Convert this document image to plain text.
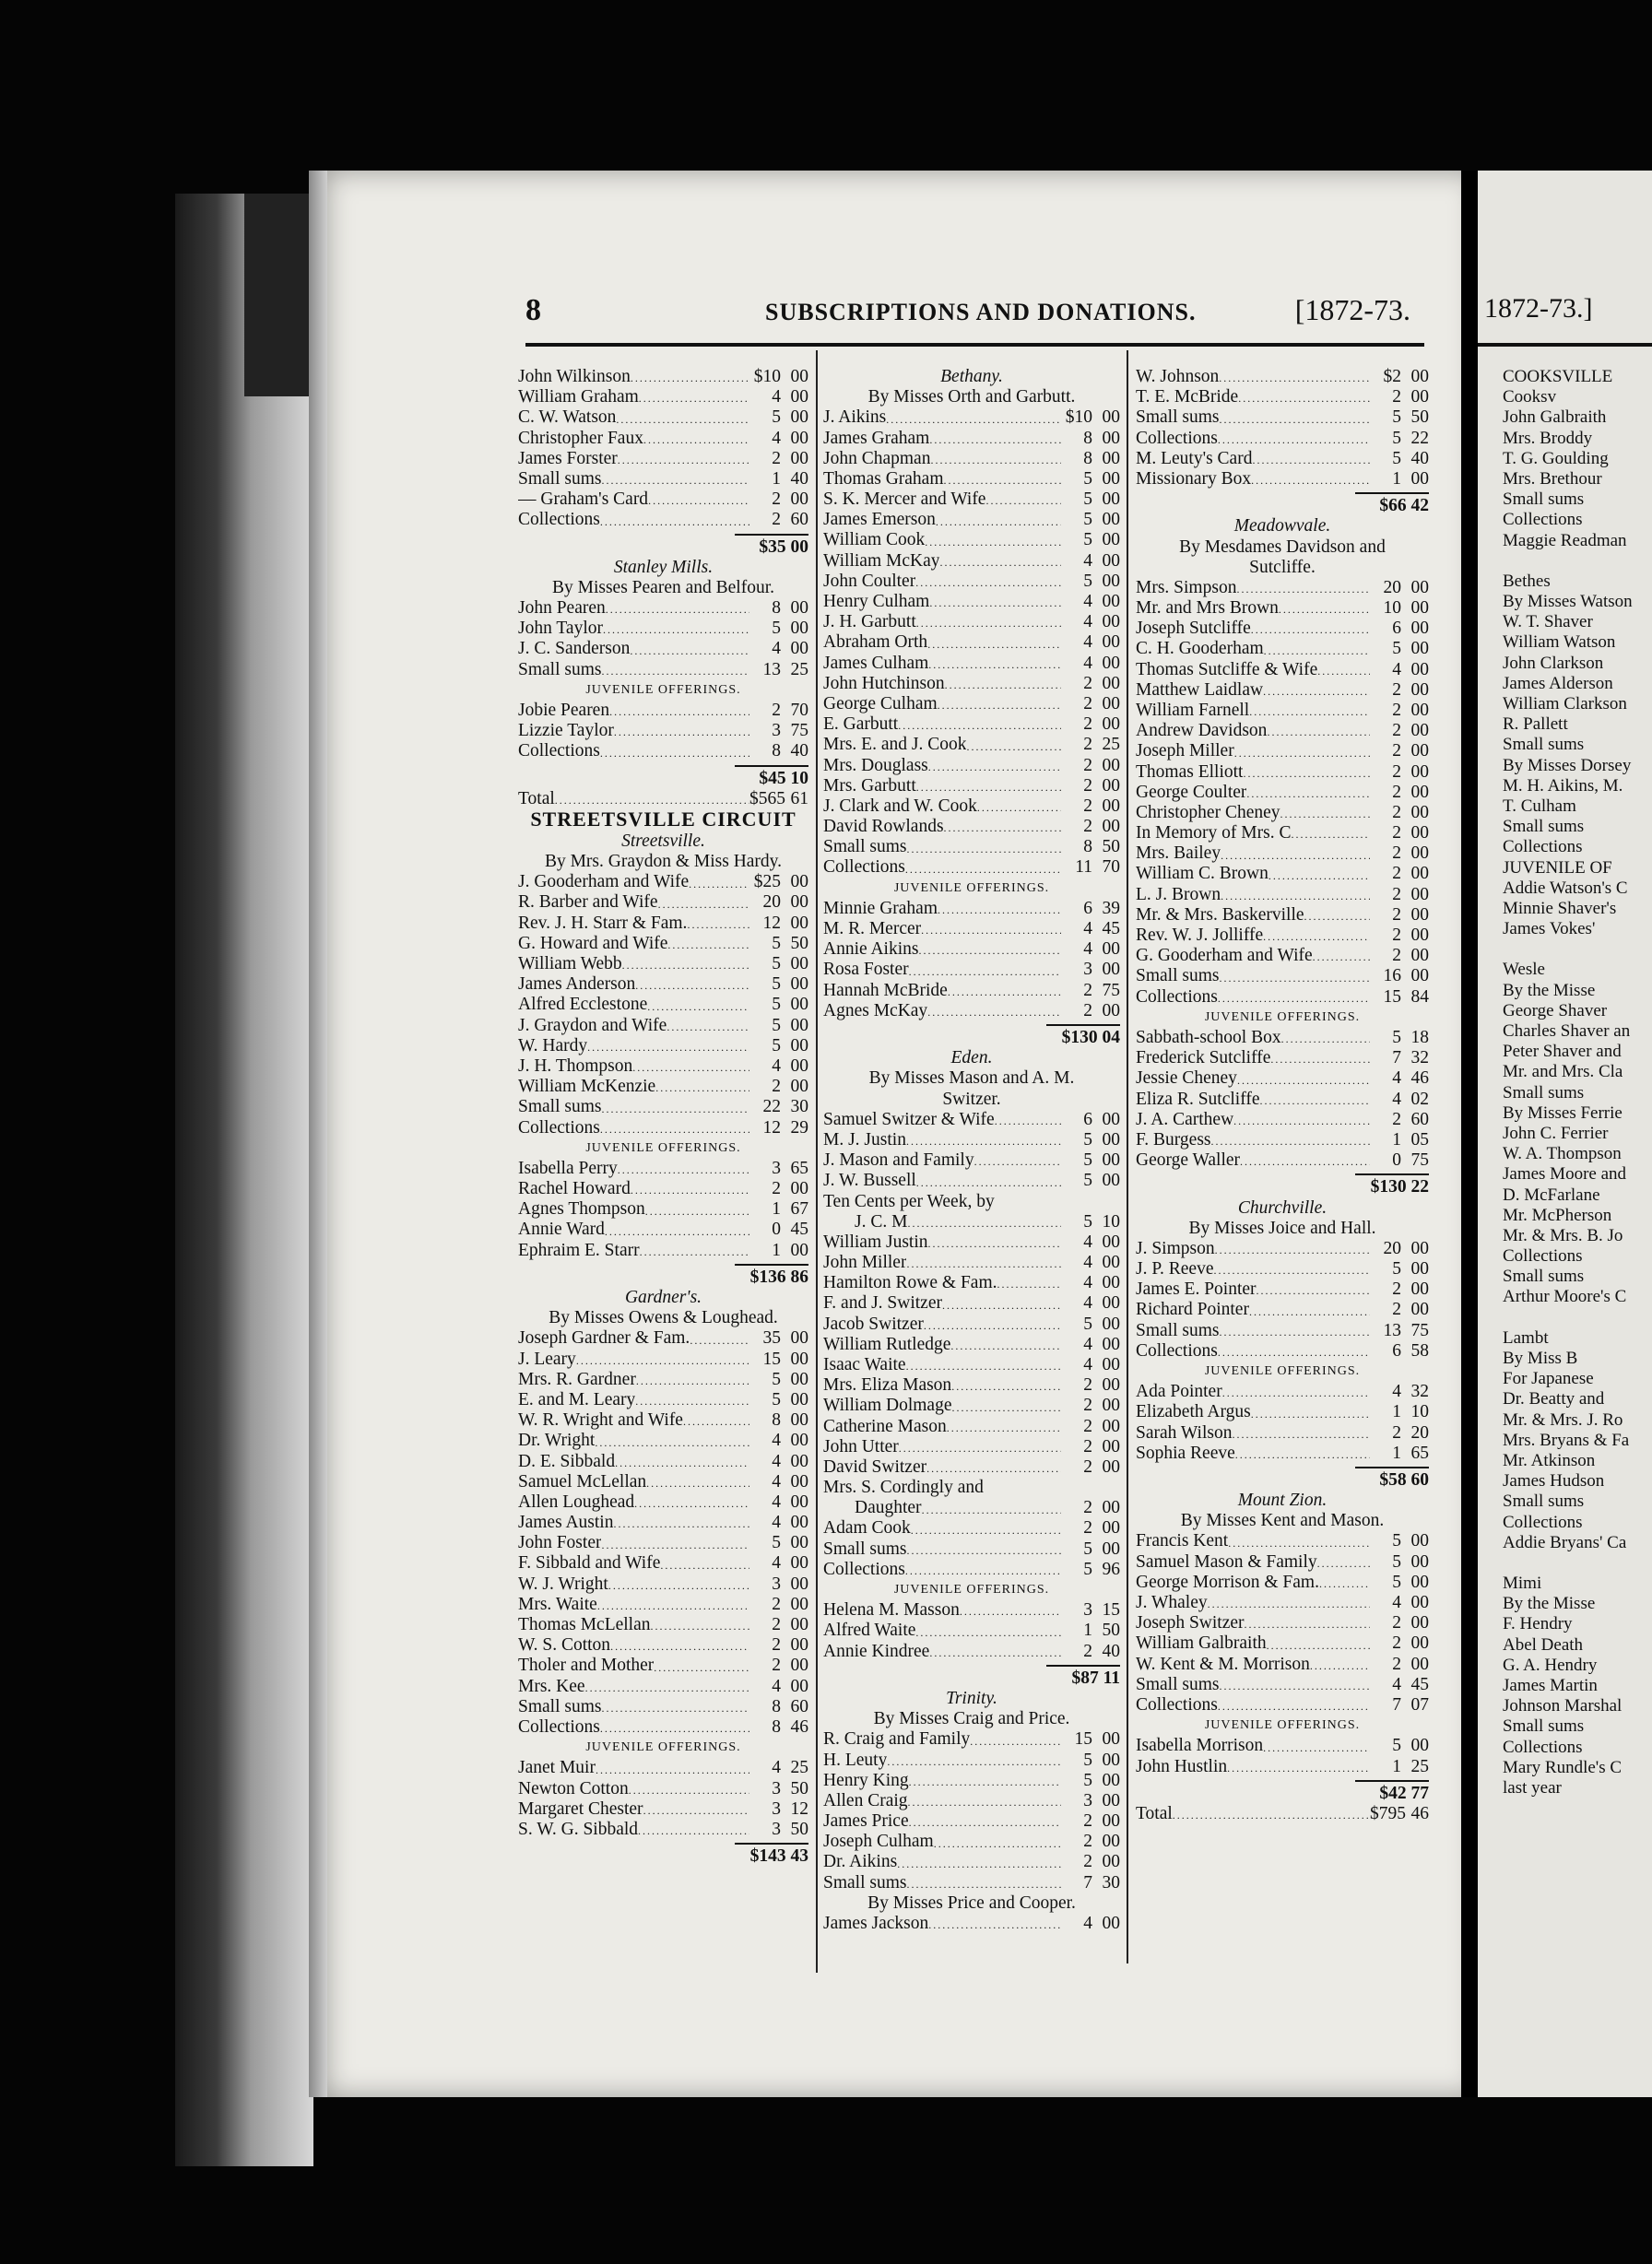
8	SUBSCRIPTIONS AND DONATIONS.	[1872-73.
John Wilkinson .....	$10 00
William Graham .....	4 00
C. W. Watson .....	5 00
Christopher Faux .....	4 00
James Forster .....	2 00
Small sums .....	1 40
— Graham's Card .....	2 00
Collections .....	2 60
$35 00
Stanley Mills.
By Misses Pearen and Belfour.
John Pearen .....	8 00
John Taylor .....	5 00
J. C. Sanderson .....	4 00
Small sums .....	13 25
JUVENILE OFFERINGS.
Jobie Pearen .....	2 70
Lizzie Taylor .....	3 75
Collections .....	8 40
$45 10
Total .....	$565 61
STREETSVILLE CIRCUIT
Streetsville.
By Mrs. Graydon & Miss Hardy.
J. Gooderham and Wife .....	$25 00
R. Barber and Wife .....	20 00
Rev. J. H. Starr & Fam. .....	12 00
G. Howard and Wife .....	5 50
William Webb .....	5 00
James Anderson .....	5 00
Alfred Ecclestone .....	5 00
J. Graydon and Wife .....	5 00
W. Hardy .....	5 00
J. H. Thompson .....	4 00
William McKenzie .....	2 00
Small sums .....	22 30
Collections .....	12 29
JUVENILE OFFERINGS.
Isabella Perry .....	3 65
Rachel Howard .....	2 00
Agnes Thompson .....	1 67
Annie Ward .....	0 45
Ephraim E. Starr .....	1 00
$136 86
Gardner's.
By Misses Owens & Loughead.
Joseph Gardner & Fam. .....	35 00
J. Leary .....	15 00
Mrs. R. Gardner .....	5 00
E. and M. Leary .....	5 00
W. R. Wright and Wife .....	8 00
Dr. Wright .....	4 00
D. E. Sibbald .....	4 00
Samuel McLellan .....	4 00
Allen Loughead .....	4 00
James Austin .....	4 00
John Foster .....	5 00
F. Sibbald and Wife .....	4 00
W. J. Wright .....	3 00
Mrs. Waite .....	2 00
Thomas McLellan .....	2 00
W. S. Cotton .....	2 00
Tholer and Mother .....	2 00
Mrs. Kee .....	4 00
Small sums .....	8 60
Collections .....	8 46
JUVENILE OFFERINGS.
Janet Muir .....	4 25
Newton Cotton .....	3 50
Margaret Chester .....	3 12
S. W. G. Sibbald .....	3 50
$143 43
Bethany.
By Misses Orth and Garbutt.
J. Aikins .....	$10 00
James Graham .....	8 00
John Chapman .....	8 00
Thomas Graham .....	5 00
S. K. Mercer and Wife .....	5 00
James Emerson .....	5 00
William Cook .....	5 00
William McKay .....	4 00
John Coulter .....	5 00
Henry Culham .....	4 00
J. H. Garbutt .....	4 00
Abraham Orth .....	4 00
James Culham .....	4 00
John Hutchinson .....	2 00
George Culham .....	2 00
E. Garbutt .....	2 00
Mrs. E. and J. Cook .....	2 25
Mrs. Douglass .....	2 00
Mrs. Garbutt .....	2 00
J. Clark and W. Cook .....	2 00
David Rowlands .....	2 00
Small sums .....	8 50
Collections .....	11 70
JUVENILE OFFERINGS.
Minnie Graham .....	6 39
M. R. Mercer .....	4 45
Annie Aikins .....	4 00
Rosa Foster .....	3 00
Hannah McBride .....	2 75
Agnes McKay .....	2 00
$130 04
Eden.
By Misses Mason and A. M.
Switzer.
Samuel Switzer & Wife .....	6 00
M. J. Justin .....	5 00
J. Mason and Family .....	5 00
J. W. Bussell .....	5 00
Ten Cents per Week, by
J. C. M .....	5 10
William Justin .....	4 00
John Miller .....	4 00
Hamilton Rowe & Fam. .....	4 00
F. and J. Switzer .....	4 00
Jacob Switzer .....	5 00
William Rutledge .....	4 00
Isaac Waite .....	4 00
Mrs. Eliza Mason .....	2 00
William Dolmage .....	2 00
Catherine Mason .....	2 00
John Utter .....	2 00
David Switzer .....	2 00
Mrs. S. Cordingly and
Daughter .....	2 00
Adam Cook .....	2 00
Small sums .....	5 00
Collections .....	5 96
JUVENILE OFFERINGS.
Helena M. Masson .....	3 15
Alfred Waite .....	1 50
Annie Kindree .....	2 40
$87 11
Trinity.
By Misses Craig and Price.
R. Craig and Family .....	15 00
H. Leuty .....	5 00
Henry King .....	5 00
Allen Craig .....	3 00
James Price .....	2 00
Joseph Culham .....	2 00
Dr. Aikins .....	2 00
Small sums .....	7 30
By Misses Price and Cooper.
James Jackson .....	4 00
W. Johnson .....	$2 00
T. E. McBride .....	2 00
Small sums .....	5 50
Collections .....	5 22
M. Leuty's Card .....	5 40
Missionary Box .....	1 00
$66 42
Meadowvale.
By Mesdames Davidson and
Sutcliffe.
Mrs. Simpson .....	20 00
Mr. and Mrs Brown .....	10 00
Joseph Sutcliffe .....	6 00
C. H. Gooderham .....	5 00
Thomas Sutcliffe & Wife .....	4 00
Matthew Laidlaw .....	2 00
William Farnell .....	2 00
Andrew Davidson .....	2 00
Joseph Miller .....	2 00
Thomas Elliott .....	2 00
George Coulter .....	2 00
Christopher Cheney .....	2 00
In Memory of Mrs. C .....	2 00
Mrs. Bailey .....	2 00
William C. Brown .....	2 00
L. J. Brown .....	2 00
Mr. & Mrs. Baskerville .....	2 00
Rev. W. J. Jolliffe .....	2 00
G. Gooderham and Wife .....	2 00
Small sums .....	16 00
Collections .....	15 84
JUVENILE OFFERINGS.
Sabbath-school Box .....	5 18
Frederick Sutcliffe .....	7 32
Jessie Cheney .....	4 46
Eliza R. Sutcliffe .....	4 02
J. A. Carthew .....	2 60
F. Burgess .....	1 05
George Waller .....	0 75
$130 22
Churchville.
By Misses Joice and Hall.
J. Simpson .....	20 00
J. P. Reeve .....	5 00
James E. Pointer .....	2 00
Richard Pointer .....	2 00
Small sums .....	13 75
Collections .....	6 58
JUVENILE OFFERINGS.
Ada Pointer .....	4 32
Elizabeth Argus .....	1 10
Sarah Wilson .....	2 20
Sophia Reeve .....	1 65
$58 60
Mount Zion.
By Misses Kent and Mason.
Francis Kent .....	5 00
Samuel Mason & Family .....	5 00
George Morrison & Fam. .....	5 00
J. Whaley .....	4 00
Joseph Switzer .....	2 00
William Galbraith .....	2 00
W. Kent & M. Morrison .....	2 00
Small sums .....	4 45
Collections .....	7 07
JUVENILE OFFERINGS.
Isabella Morrison .....	5 00
John Hustlin .....	1 25
$42 77
Total .....	$795 46
1872-73.]
COOKSVILLE
Cooksv
John Galbraith
Mrs. Broddy
T. G. Goulding
Mrs. Brethour
Small sums
Collections
Maggie Readman
Bethes
By Misses Watson
W. T. Shaver
William Watson
John Clarkson
James Alderson
William Clarkson
R. Pallett
Small sums
By Misses Dorsey
M. H. Aikins, M.
T. Culham
Small sums
Collections
JUVENILE OF
Addie Watson's C
Minnie Shaver's
James Vokes'
Wesle
By the Misse
George Shaver
Charles Shaver an
Peter Shaver and
Mr. and Mrs. Cla
Small sums
By Misses Ferrie
John C. Ferrier
W. A. Thompson
James Moore and
D. McFarlane
Mr. McPherson
Mr. & Mrs. B. Jo
Collections
Small sums
Arthur Moore's C
Lambt
By Miss B
For Japanese
Dr. Beatty and
Mr. & Mrs. J. Ro
Mrs. Bryans & Fa
Mr. Atkinson
James Hudson
Small sums
Collections
Addie Bryans' Ca
Mimi
By the Misse
F. Hendry
Abel Death
G. A. Hendry
James Martin
Johnson Marshal
Small sums
Collections
Mary Rundle's C
last year
